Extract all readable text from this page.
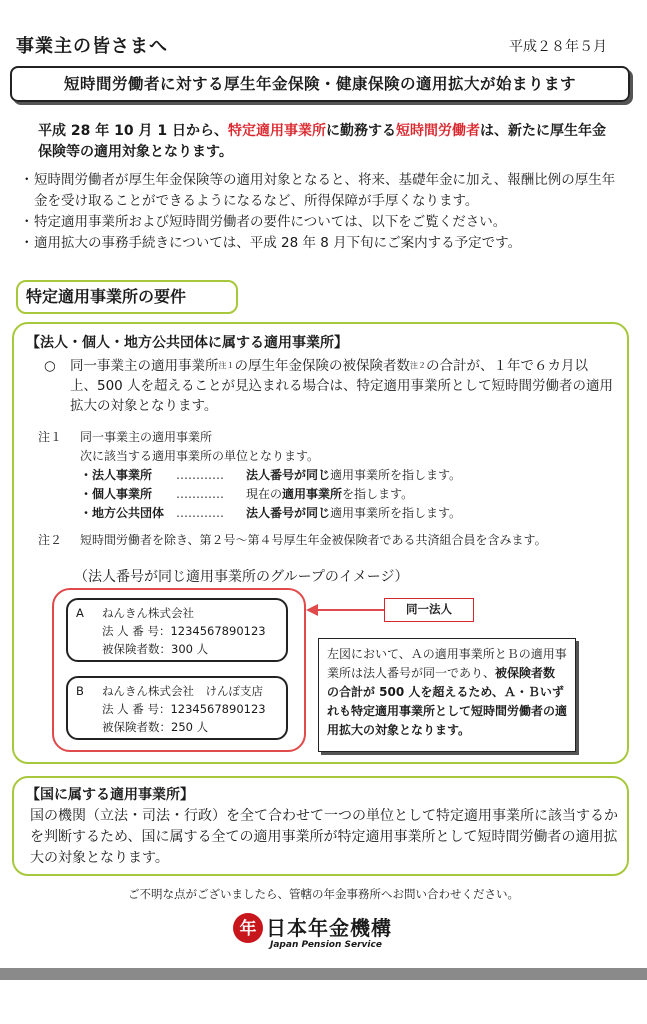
事業主の皆さまへ	平成２８年５月
短時間労働者に対する厚生年金保険・健康保険の適用拡大が始まります
平成 28 年 10 月 1 日から、特定適用事業所に勤務する短時間労働者は、新たに厚生年金保険等の適用対象となります。
・ 短時間労働者が厚生年金保険等の適用対象となると、将来、基礎年金に加え、報酬比例の厚生年金を受け取ることができるようになるなど、所得保障が手厚くなります。
・ 特定適用事業所および短時間労働者の要件については、以下をご覧ください。
・ 適用拡大の事務手続きについては、平成 28 年 8 月下旬にご案内する予定です。
特定適用事業所の要件
【法人・個人・地方公共団体に属する適用事業所】
○	同一事業主の適用事業所$^{注1}$の厚生年金保険の被保険者数$^{注2}$の合計が、１年で６カ月以上、500 人を超えることが見込まれる場合は、特定適用事業所として短時間労働者の適用拡大の対象となります。
注１	同一事業主の適用事業所
次に該当する適用事業所の単位となります。
・法人事業所	…………	法人番号が同じ適用事業所を指します。
・個人事業所	…………	現在の適用事業所を指します。
・地方公共団体 …………	法人番号が同じ適用事業所を指します。
注２	短時間労働者を除き、第２号～第４号厚生年金被保険者である共済組合員を含みます。
（法人番号が同じ適用事業所のグループのイメージ）
A	ねんきん株式会社
法 人 番 号： 1234567890123
被保険者数： 300 人
B	ねんきん株式会社　けんぽ支店
法 人 番 号： 1234567890123
被保険者数： 250 人
同一法人
左図において、Ａの適用事業所とＢの適用事業所は法人番号が同一であり、被保険者数の合計が 500 人を超えるため、Ａ・Ｂいずれも特定適用事業所として短時間労働者の適用拡大の対象となります。
【国に属する適用事業所】
国の機関（立法・司法・行政）を全て合わせて一つの単位として特定適用事業所に該当するかを判断するため、国に属する全ての適用事業所が特定適用事業所として短時間労働者の適用拡大の対象となります。
ご不明な点がございましたら、管轄の年金事務所へお問い合わせください。
年 日本年金機構
Japan Pension Service
